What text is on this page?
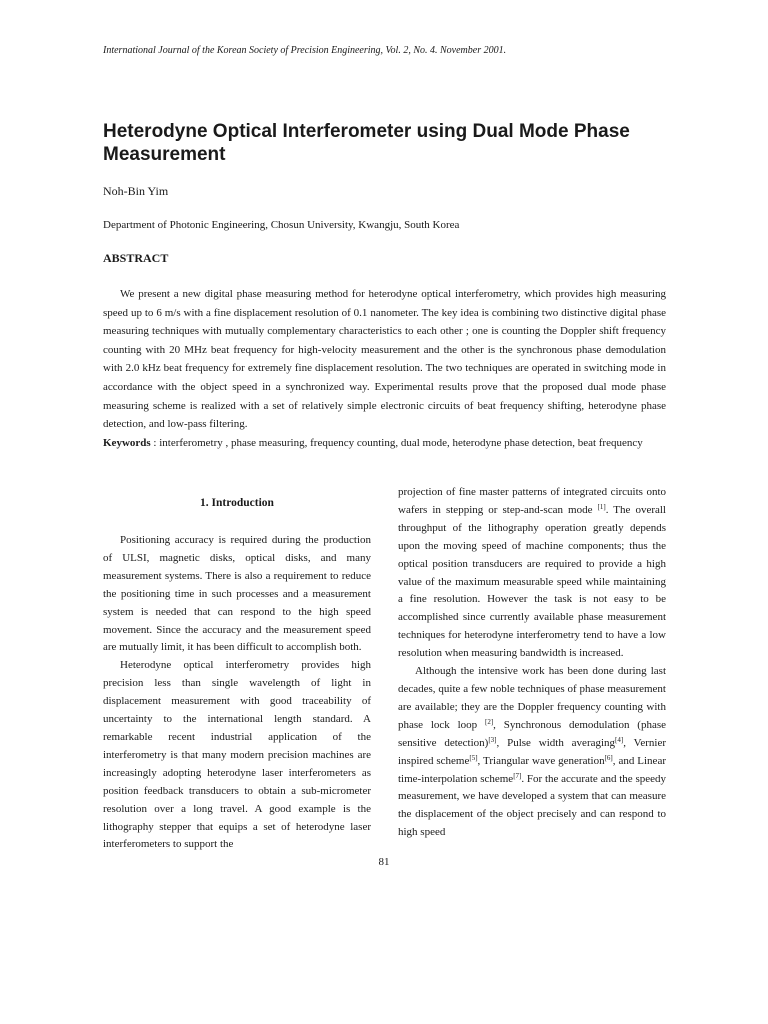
International Journal of the Korean Society of Precision Engineering, Vol. 2, No. 4. November 2001.
Heterodyne Optical Interferometer using Dual Mode Phase Measurement
Noh-Bin Yim
Department of Photonic Engineering, Chosun University, Kwangju, South Korea
ABSTRACT

We present a new digital phase measuring method for heterodyne optical interferometry, which provides high measuring speed up to 6 m/s with a fine displacement resolution of 0.1 nanometer. The key idea is combining two distinctive digital phase measuring techniques with mutually complementary characteristics to each other ; one is counting the Doppler shift frequency counting with 20 MHz beat frequency for high-velocity measurement and the other is the synchronous phase demodulation with 2.0 kHz beat frequency for extremely fine displacement resolution. The two techniques are operated in switching mode in accordance with the object speed in a synchronized way. Experimental results prove that the proposed dual mode phase measuring scheme is realized with a set of relatively simple electronic circuits of beat frequency shifting, heterodyne phase detection, and low-pass filtering.

Keywords : interferometry , phase measuring, frequency counting, dual mode, heterodyne phase detection, beat frequency
1. Introduction

Positioning accuracy is required during the production of ULSI, magnetic disks, optical disks, and many measurement systems. There is also a requirement to reduce the positioning time in such processes and a measurement system is needed that can respond to the high speed movement. Since the accuracy and the measurement speed are mutually limit, it has been difficult to accomplish both.

Heterodyne optical interferometry provides high precision less than single wavelength of light in displacement measurement with good traceability of uncertainty to the international length standard. A remarkable recent industrial application of the interferometry is that many modern precision machines are increasingly adopting heterodyne laser interferometers as position feedback transducers to obtain a sub-micrometer resolution over a long travel. A good example is the lithography stepper that equips a set of heterodyne laser interferometers to support the

projection of fine master patterns of integrated circuits onto wafers in stepping or step-and-scan mode [1]. The overall throughput of the lithography operation greatly depends upon the moving speed of machine components; thus the optical position transducers are required to provide a high value of the maximum measurable speed while maintaining a fine resolution. However the task is not easy to be accomplished since currently available phase measurement techniques for heterodyne interferometry tend to have a low resolution when measuring bandwidth is increased.

Although the intensive work has been done during last decades, quite a few noble techniques of phase measurement are available; they are the Doppler frequency counting with phase lock loop [2], Synchronous demodulation (phase sensitive detection)[3], Pulse width averaging[4], Vernier inspired scheme[5], Triangular wave generation[6], and Linear time-interpolation scheme[7]. For the accurate and the speedy measurement, we have developed a system that can measure the displacement of the object precisely and can respond to high speed

81
